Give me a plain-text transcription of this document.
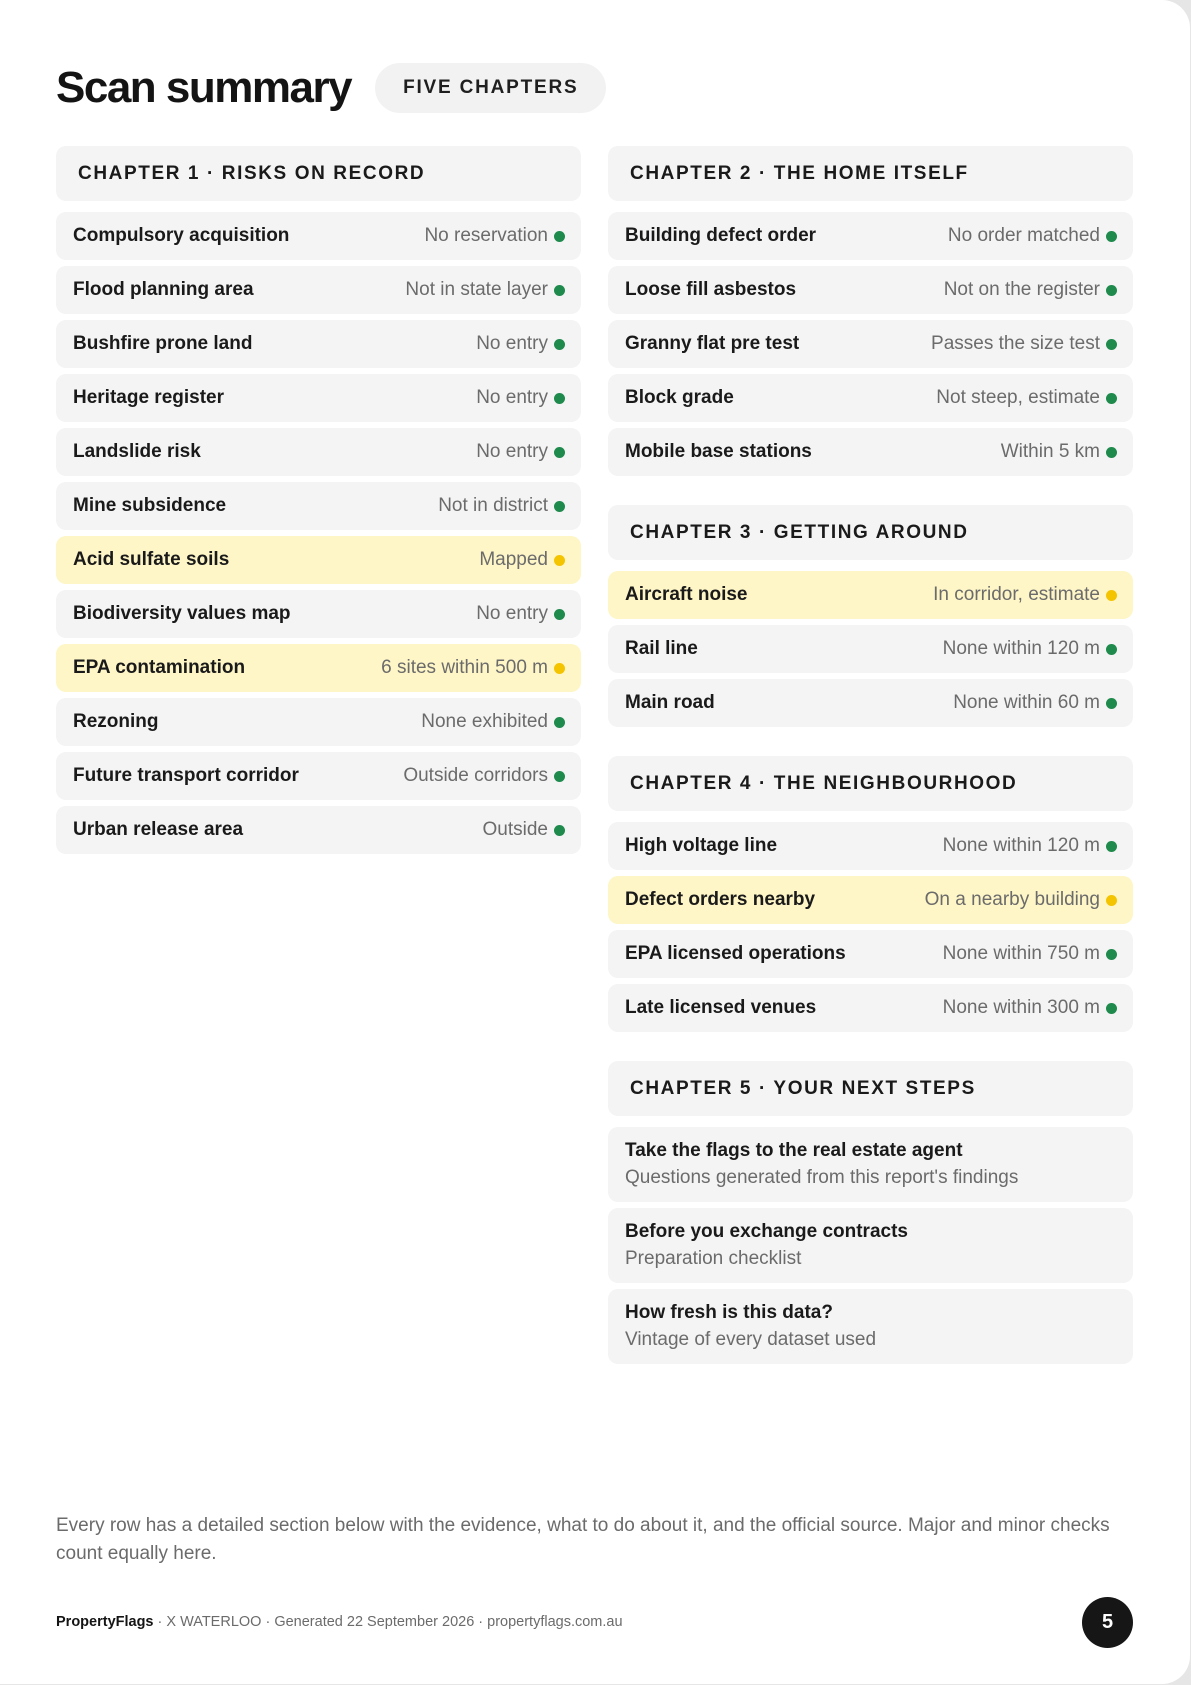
Scan summary	FIVE CHAPTERS
CHAPTER 1 · RISKS ON RECORD
Compulsory acquisition	No reservation
Flood planning area	Not in state layer
Bushfire prone land	No entry
Heritage register	No entry
Landslide risk	No entry
Mine subsidence	Not in district
Acid sulfate soils	Mapped
Biodiversity values map	No entry
EPA contamination	6 sites within 500 m
Rezoning	None exhibited
Future transport corridor	Outside corridors
Urban release area	Outside
CHAPTER 2 · THE HOME ITSELF
Building defect order	No order matched
Loose fill asbestos	Not on the register
Granny flat pre test	Passes the size test
Block grade	Not steep, estimate
Mobile base stations	Within 5 km
CHAPTER 3 · GETTING AROUND
Aircraft noise	In corridor, estimate
Rail line	None within 120 m
Main road	None within 60 m
CHAPTER 4 · THE NEIGHBOURHOOD
High voltage line	None within 120 m
Defect orders nearby	On a nearby building
EPA licensed operations	None within 750 m
Late licensed venues	None within 300 m
CHAPTER 5 · YOUR NEXT STEPS
Take the flags to the real estate agent
Questions generated from this report's findings
Before you exchange contracts
Preparation checklist
How fresh is this data?
Vintage of every dataset used

Every row has a detailed section below with the evidence, what to do about it, and the official source. Major and minor checks count equally here.

PropertyFlags · X WATERLOO · Generated 22 September 2026 · propertyflags.com.au	5
